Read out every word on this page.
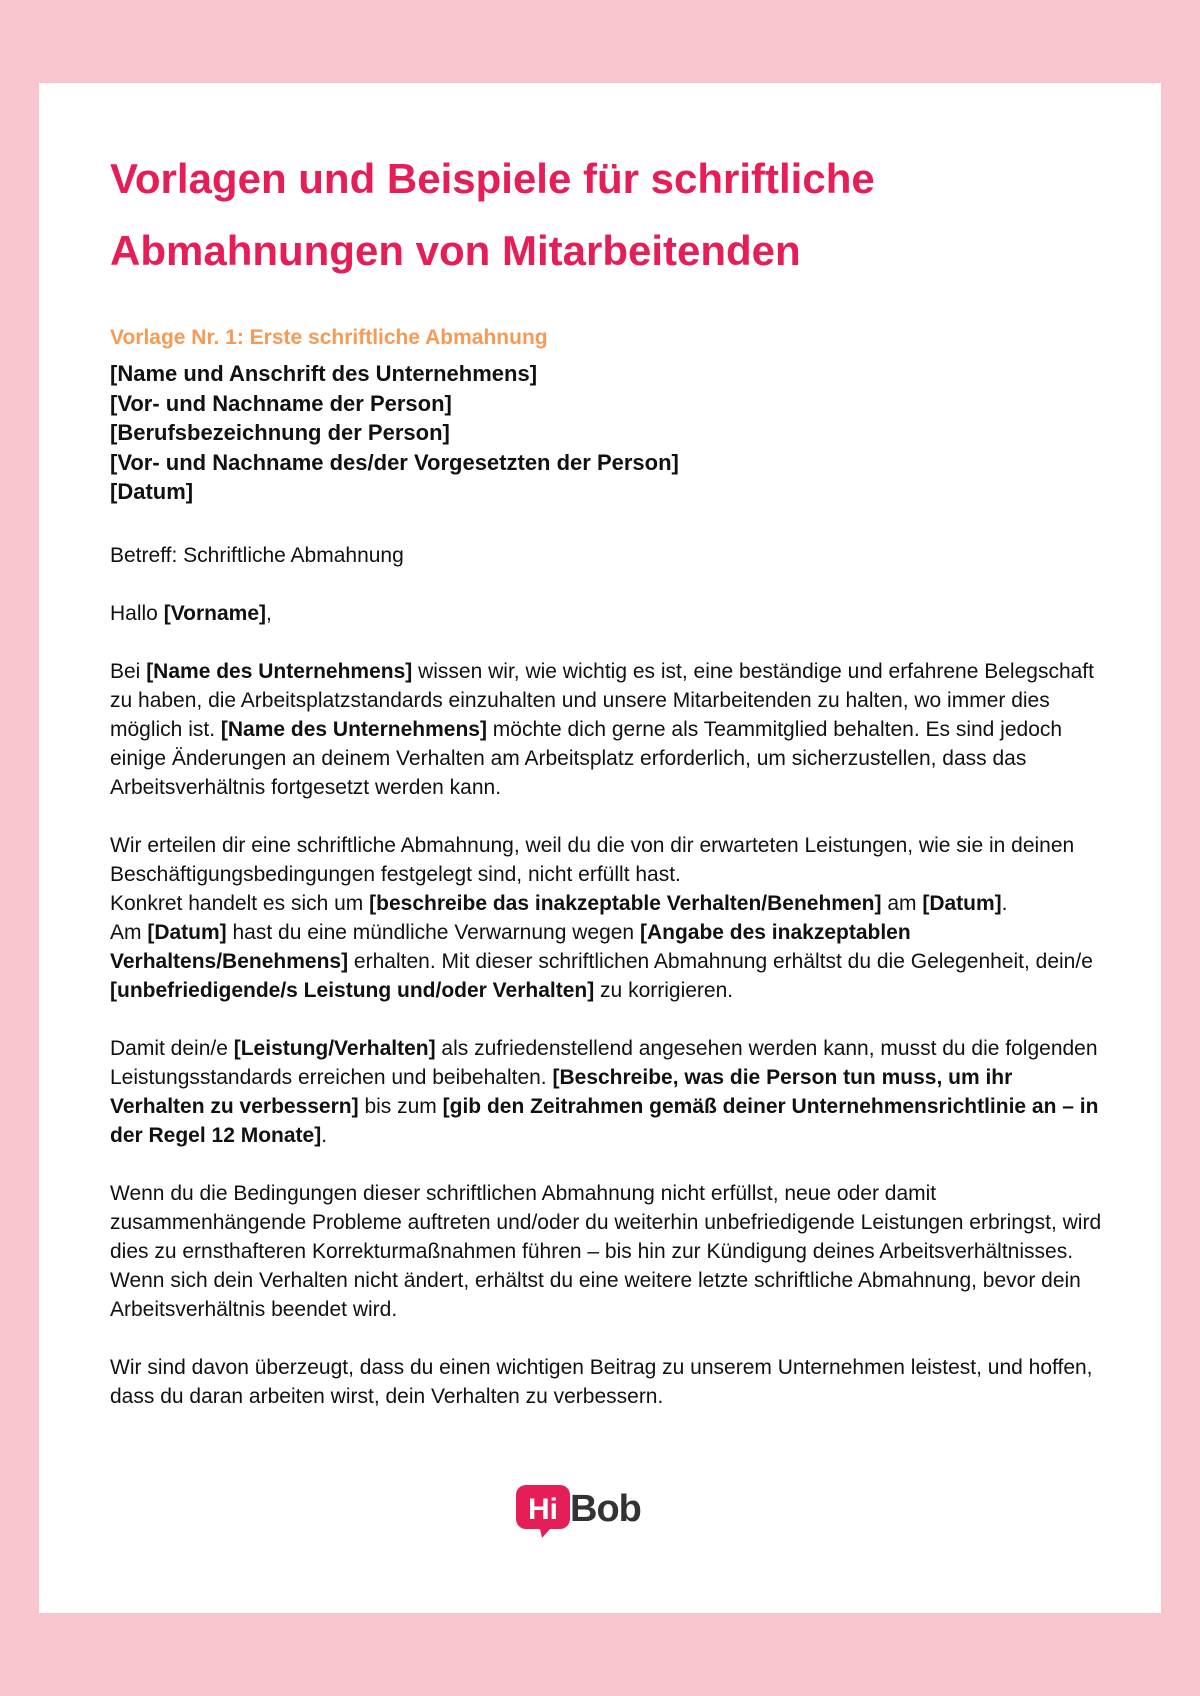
Vorlagen und Beispiele für schriftliche
Abmahnungen von Mitarbeitenden
Vorlage Nr. 1: Erste schriftliche Abmahnung
[Name und Anschrift des Unternehmens]
[Vor- und Nachname der Person]
[Berufsbezeichnung der Person]
[Vor- und Nachname des/der Vorgesetzten der Person]
[Datum]

Betreff: Schriftliche Abmahnung

Hallo [Vorname],

Bei [Name des Unternehmens] wissen wir, wie wichtig es ist, eine beständige und erfahrene Belegschaft zu haben, die Arbeitsplatzstandards einzuhalten und unsere Mitarbeitenden zu halten, wo immer dies möglich ist. [Name des Unternehmens] möchte dich gerne als Teammitglied behalten. Es sind jedoch einige Änderungen an deinem Verhalten am Arbeitsplatz erforderlich, um sicherzustellen, dass das Arbeitsverhältnis fortgesetzt werden kann.

Wir erteilen dir eine schriftliche Abmahnung, weil du die von dir erwarteten Leistungen, wie sie in deinen Beschäftigungsbedingungen festgelegt sind, nicht erfüllt hast.
Konkret handelt es sich um [beschreibe das inakzeptable Verhalten/Benehmen] am [Datum].
Am [Datum] hast du eine mündliche Verwarnung wegen [Angabe des inakzeptablen Verhaltens/Benehmens] erhalten. Mit dieser schriftlichen Abmahnung erhältst du die Gelegenheit, dein/e [unbefriedigende/s Leistung und/oder Verhalten] zu korrigieren.

Damit dein/e [Leistung/Verhalten] als zufriedenstellend angesehen werden kann, musst du die folgenden Leistungsstandards erreichen und beibehalten. [Beschreibe, was die Person tun muss, um ihr Verhalten zu verbessern] bis zum [gib den Zeitrahmen gemäß deiner Unternehmensrichtlinie an – in der Regel 12 Monate].

Wenn du die Bedingungen dieser schriftlichen Abmahnung nicht erfüllst, neue oder damit zusammenhängende Probleme auftreten und/oder du weiterhin unbefriedigende Leistungen erbringst, wird dies zu ernsthafteren Korrekturmaßnahmen führen – bis hin zur Kündigung deines Arbeitsverhältnisses.
Wenn sich dein Verhalten nicht ändert, erhältst du eine weitere letzte schriftliche Abmahnung, bevor dein Arbeitsverhältnis beendet wird.

Wir sind davon überzeugt, dass du einen wichtigen Beitrag zu unserem Unternehmen leistest, und hoffen, dass du daran arbeiten wirst, dein Verhalten zu verbessern.

Hi Bob
